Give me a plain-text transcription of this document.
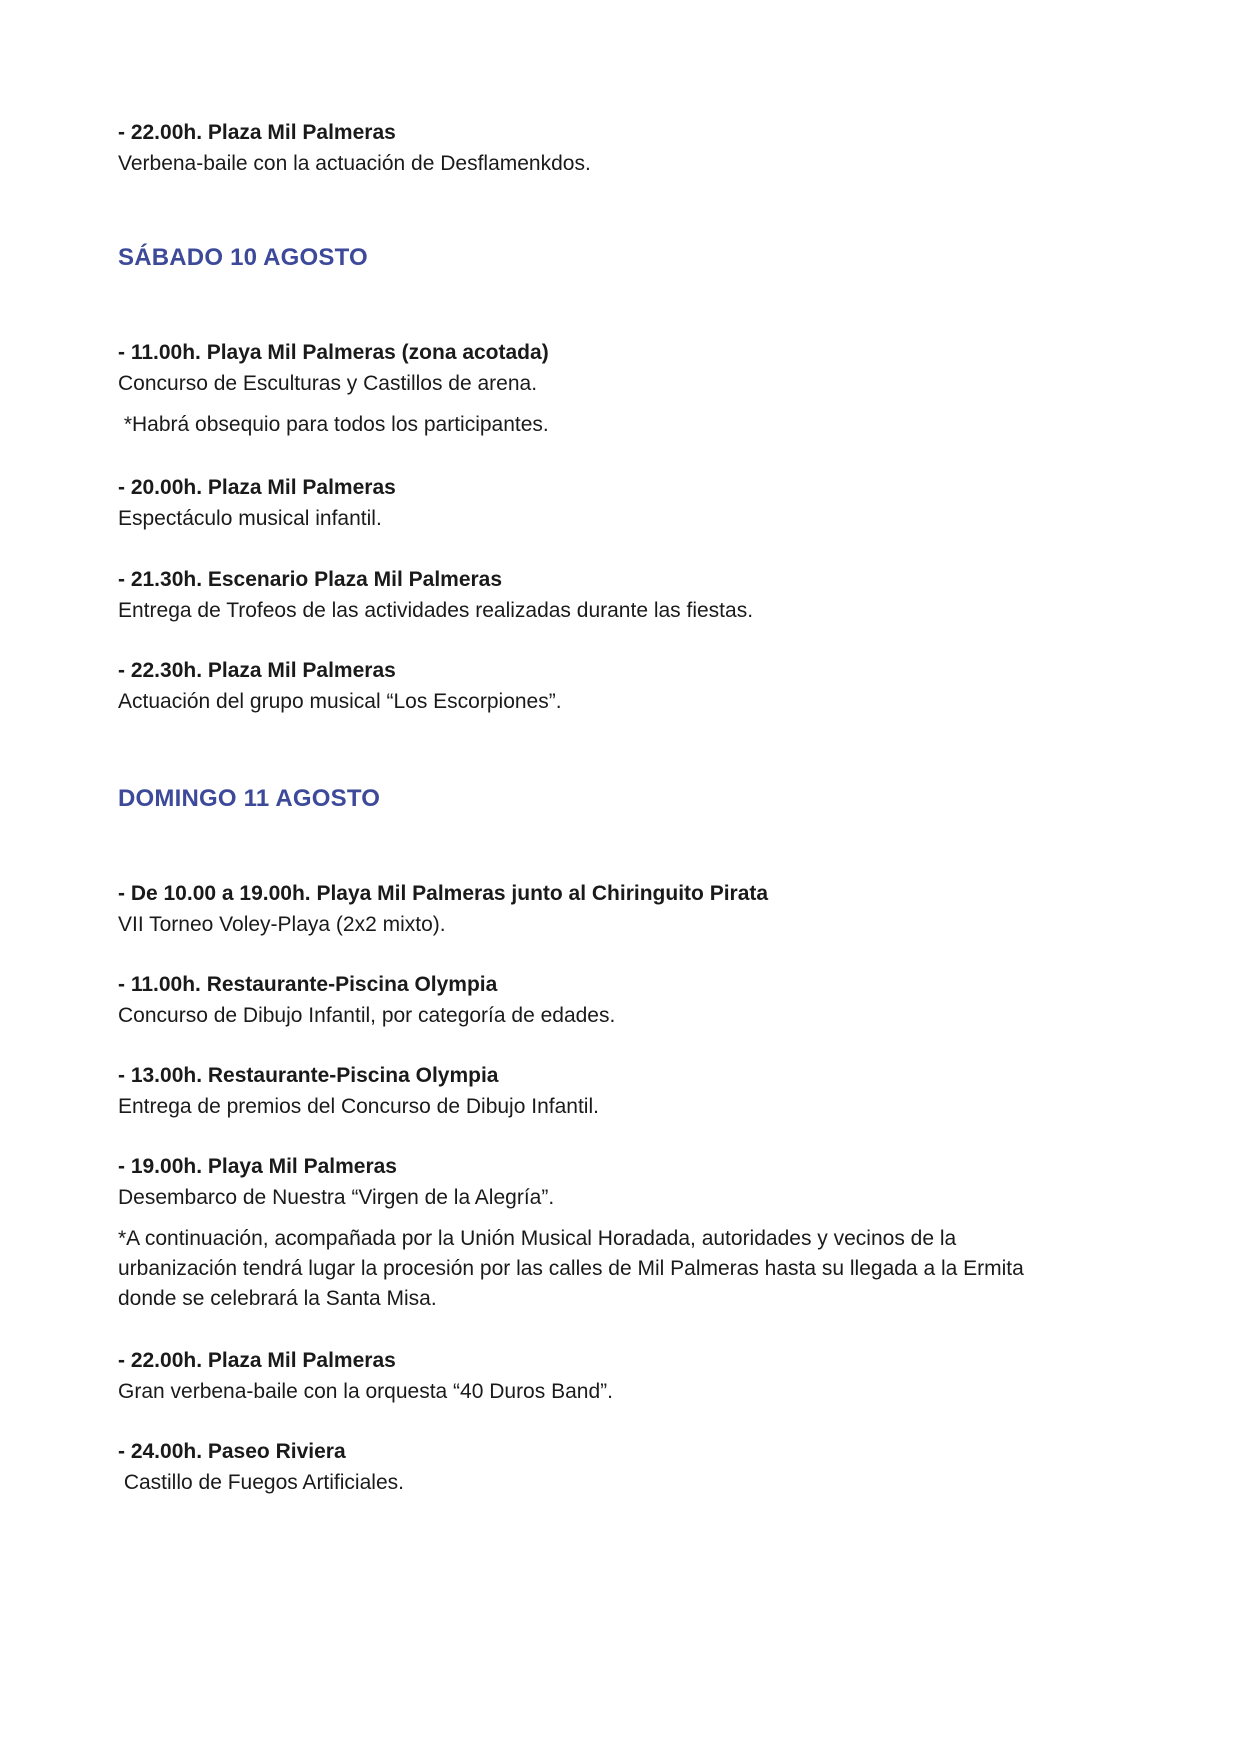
- 22.00h. Plaza Mil Palmeras
Verbena-baile con la actuación de Desflamenkdos.
SÁBADO 10 AGOSTO
- 11.00h. Playa Mil Palmeras (zona acotada)
Concurso de Esculturas y Castillos de arena.
*Habrá obsequio para todos los participantes.
- 20.00h. Plaza Mil Palmeras
Espectáculo musical infantil.
- 21.30h. Escenario Plaza Mil Palmeras
Entrega de Trofeos de las actividades realizadas durante las fiestas.
- 22.30h. Plaza Mil Palmeras
Actuación del grupo musical “Los Escorpiones”.
DOMINGO 11 AGOSTO
- De 10.00 a 19.00h. Playa Mil Palmeras junto al Chiringuito Pirata
VII Torneo Voley-Playa (2x2 mixto).
- 11.00h. Restaurante-Piscina Olympia
Concurso de Dibujo Infantil, por categoría de edades.
- 13.00h. Restaurante-Piscina Olympia
Entrega de premios del Concurso de Dibujo Infantil.
- 19.00h. Playa Mil Palmeras
Desembarco de Nuestra “Virgen de la Alegría”.
*A continuación, acompañada por la Unión Musical Horadada, autoridades y vecinos de la
urbanización tendrá lugar la procesión por las calles de Mil Palmeras hasta su llegada a la Ermita
donde se celebrará la Santa Misa.
- 22.00h. Plaza Mil Palmeras
Gran verbena-baile con la orquesta “40 Duros Band”.
- 24.00h. Paseo Riviera
Castillo de Fuegos Artificiales.
